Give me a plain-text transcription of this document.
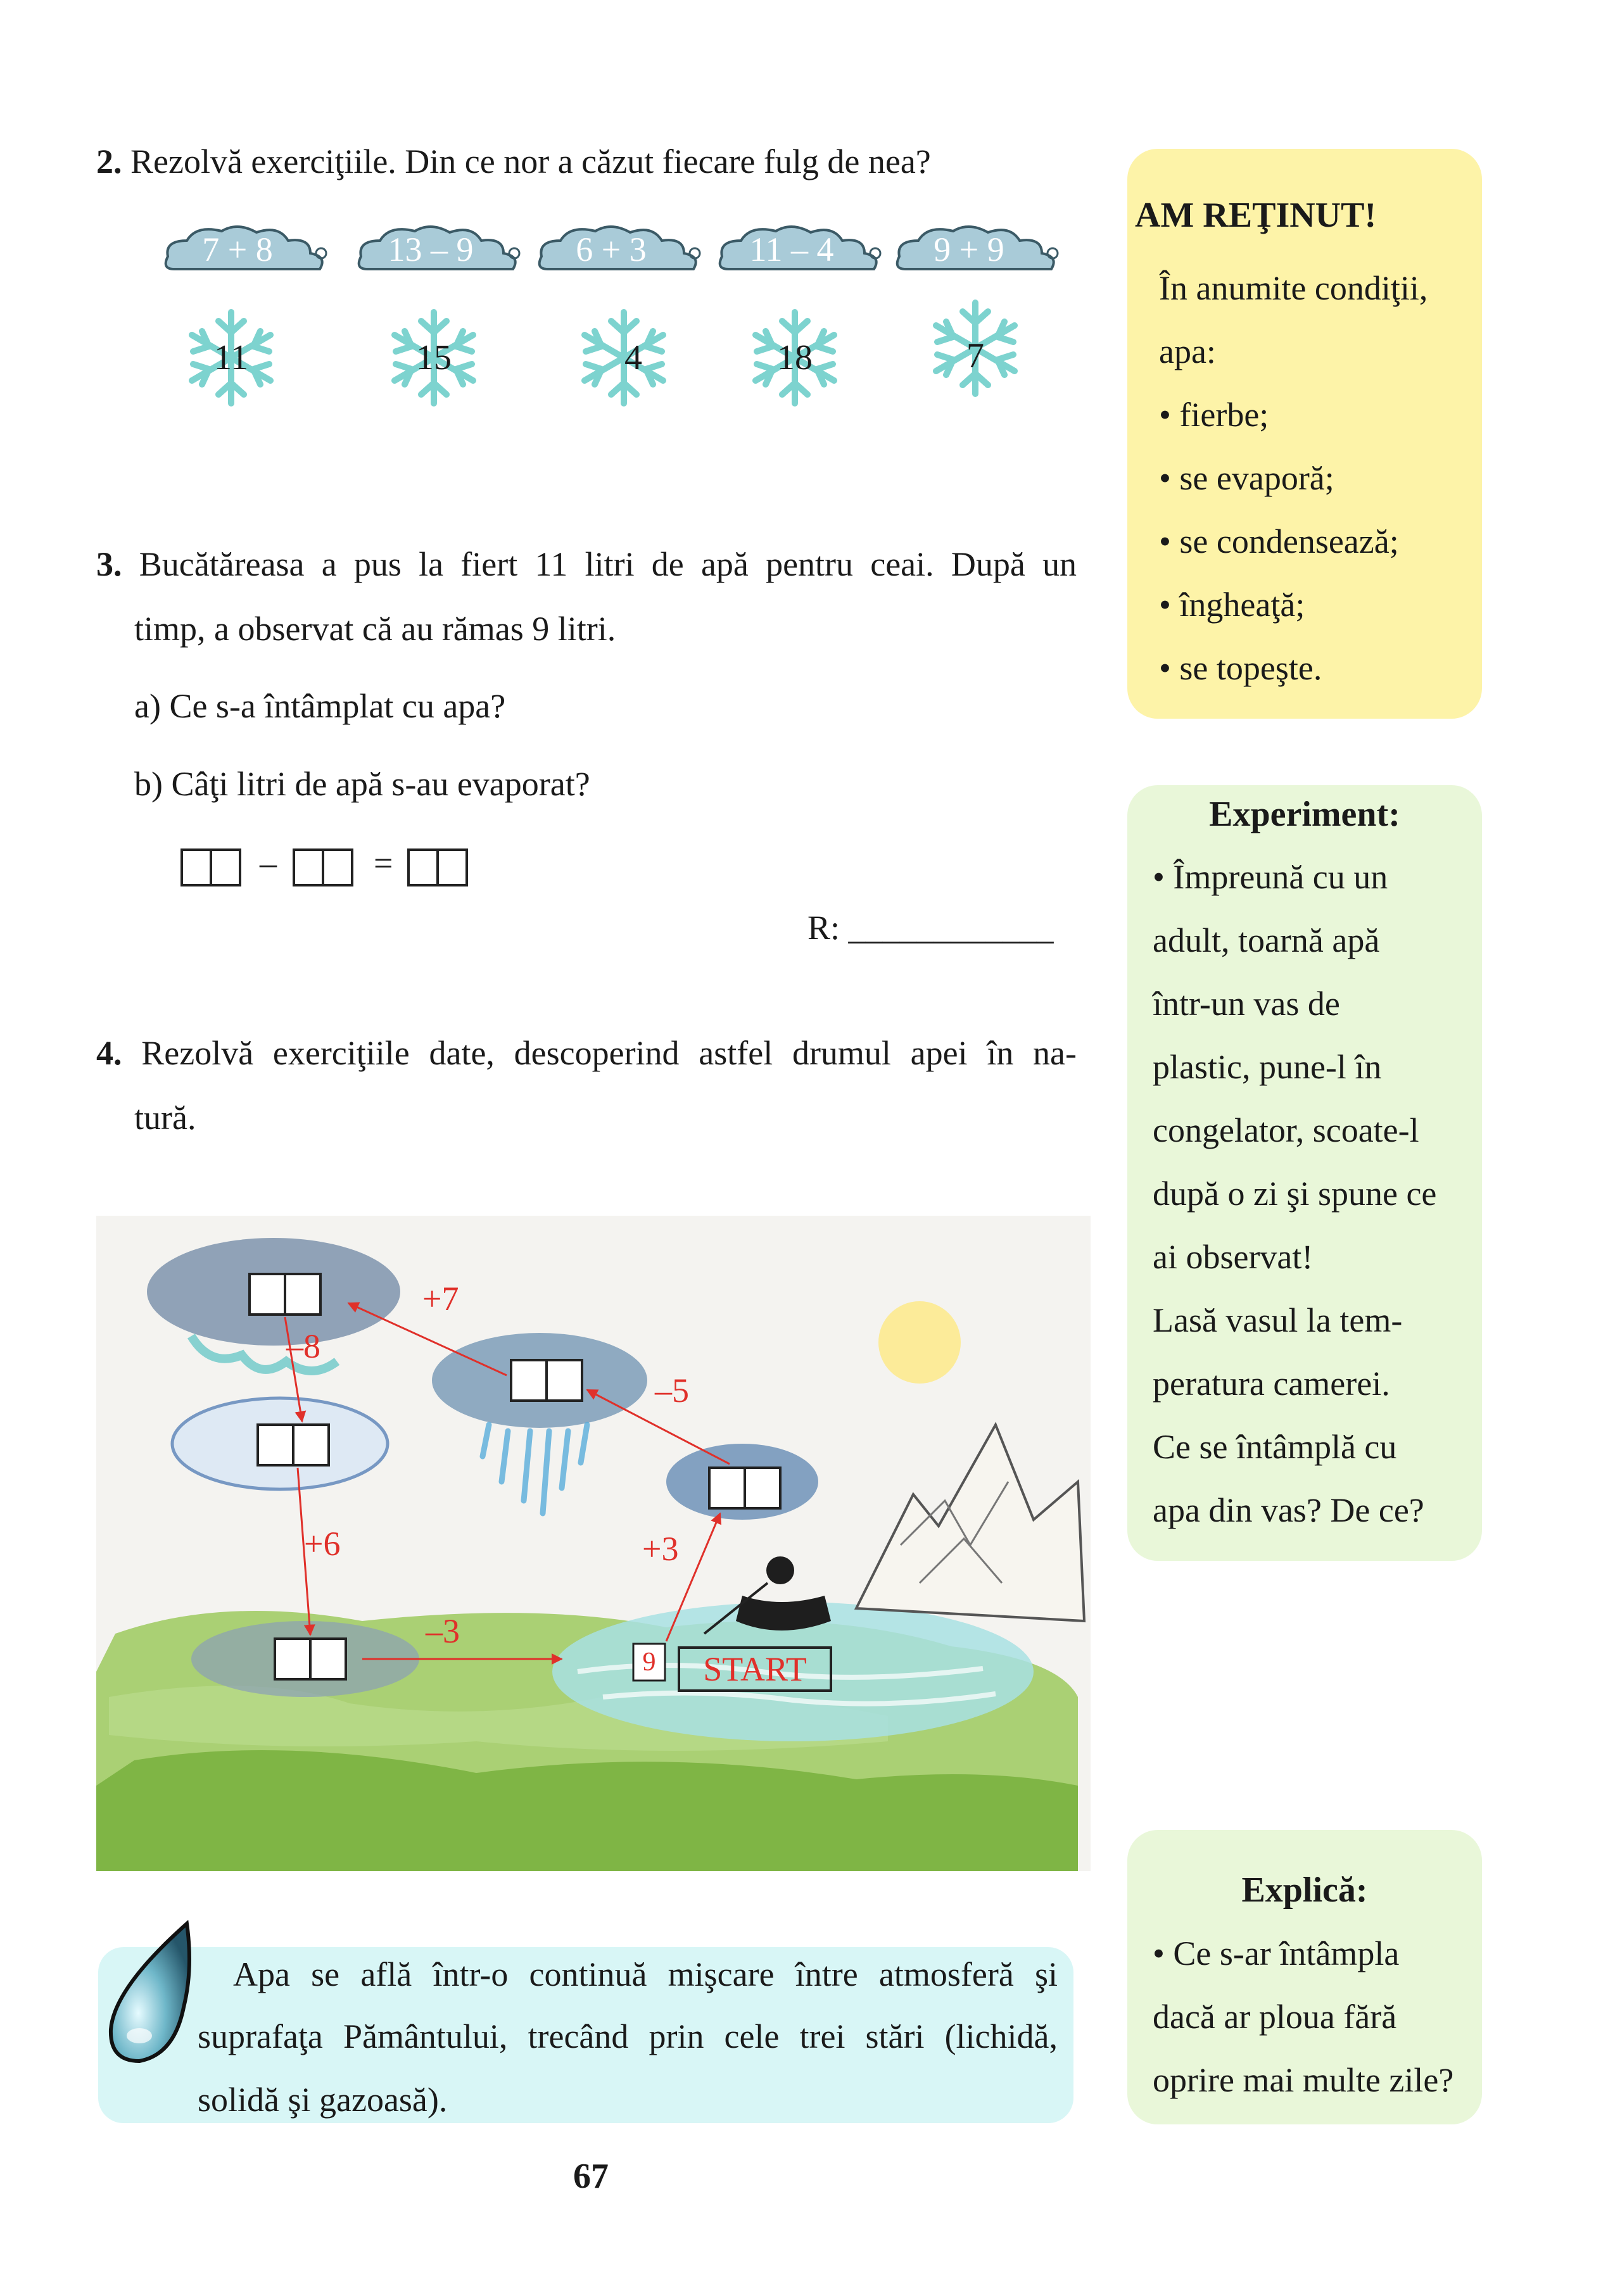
2. Rezolvă exerciţiile. Din ce nor a căzut fiecare fulg de nea?
7 + 8	13 – 9	6 + 3	11 – 4	9 + 9
11	15	4	18	7
3. Bucătăreasa a pus la fiert 11 litri de apă pentru ceai. După un
timp, a observat că au rămas 9 litri.
a) Ce s-a întâmplat cu apa?
b) Câţi litri de apă s-au evaporat?
–	=
R: ____________
4. Rezolvă exerciţiile date, descoperind astfel drumul apei în na-
tură.
+7
–8
–5
+6	+3
–3
9	START
Apa se află într-o continuă mişcare între atmosferă şi
suprafaţa Pământului, trecând prin cele trei stări (lichidă,
solidă şi gazoasă).
67
AM REŢINUT!
În anumite condiţii,
apa:
• fierbe;
• se evaporă;
• se condensează;
• îngheaţă;
• se topeşte.
Experiment:
• Împreună cu un
adult, toarnă apă
într-un vas de
plastic, pune-l în
congelator, scoate-l
după o zi şi spune ce
ai observat!
Lasă vasul la tem-
peratura camerei.
Ce se întâmplă cu
apa din vas? De ce?
Explică:
• Ce s-ar întâmpla
dacă ar ploua fără
oprire mai multe zile?
